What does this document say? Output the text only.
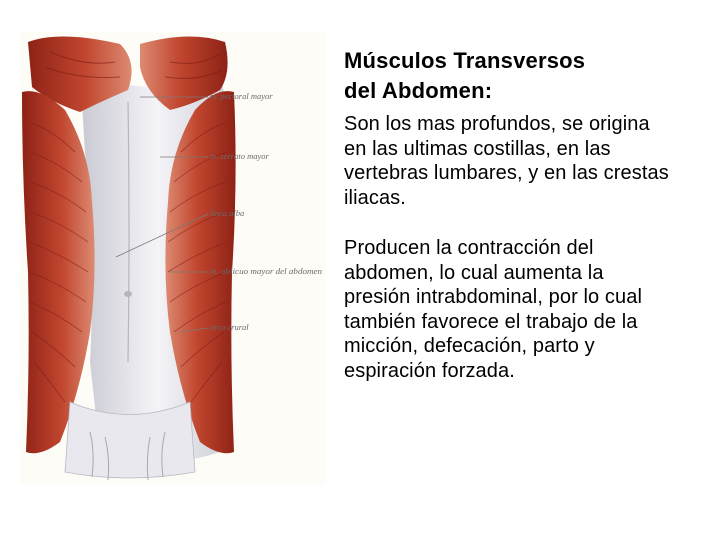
m. pectoral mayor
m. serrato mayor
línea alba
m. oblicuo mayor del abdomen
arco crural
Músculos Transversos
del Abdomen:

Son los mas profundos, se origina en las ultimas costillas, en las vertebras lumbares, y en las crestas iliacas.

Producen la contracción del abdomen, lo cual aumenta la presión intrabdominal, por lo cual también favorece el trabajo de la micción, defecación, parto y espiración forzada.
